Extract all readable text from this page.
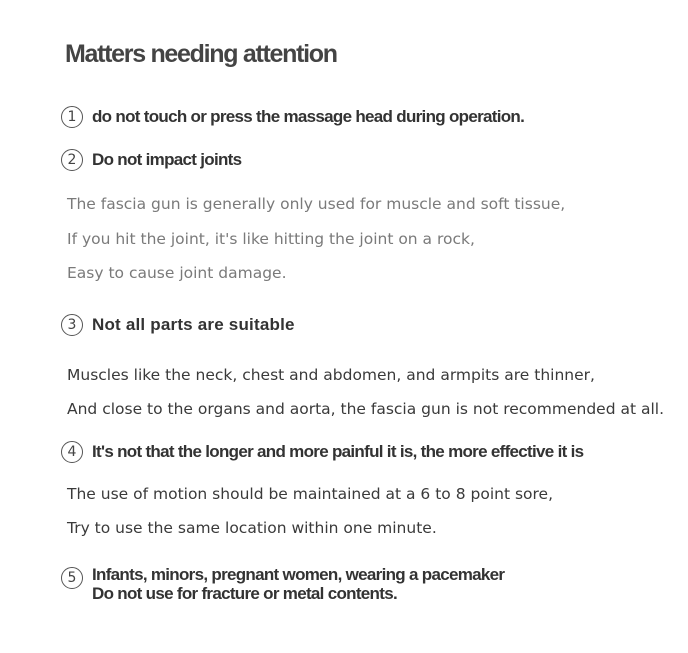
Matters needing attention
1 do not touch or press the massage head during operation.
2 Do not impact joints
The fascia gun is generally only used for muscle and soft tissue,
If you hit the joint, it's like hitting the joint on a rock,
Easy to cause joint damage.
3 Not all parts are suitable
Muscles like the neck, chest and abdomen, and armpits are thinner,
And close to the organs and aorta, the fascia gun is not recommended at all.
4 It's not that the longer and more painful it is, the more effective it is
The use of motion should be maintained at a 6 to 8 point sore,
Try to use the same location within one minute.
5 Infants, minors, pregnant women, wearing a pacemaker
Do not use for fracture or metal contents.
